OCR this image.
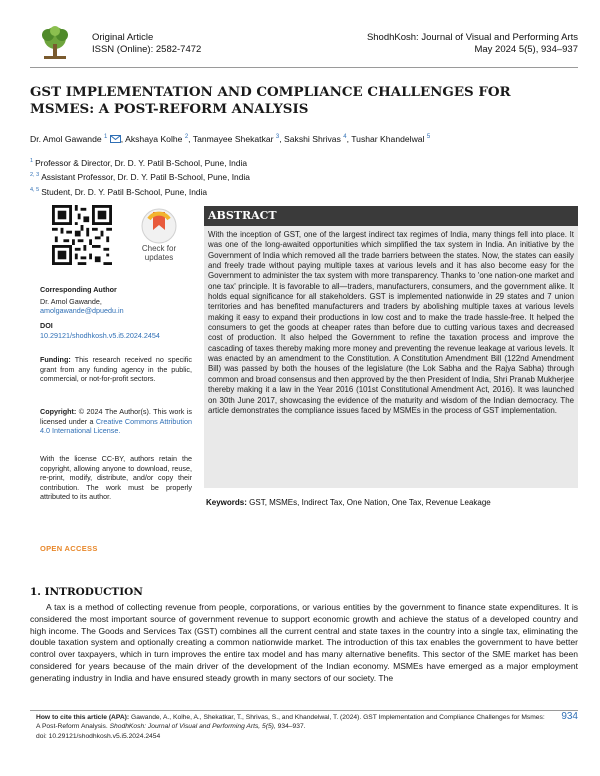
Original Article
ISSN (Online): 2582-7472
ShodhKosh: Journal of Visual and Performing Arts
May 2024 5(5), 934–937
GST IMPLEMENTATION AND COMPLIANCE CHALLENGES FOR MSMES: A POST-REFORM ANALYSIS
Dr. Amol Gawande $^1$ , Akshaya Kolhe $^2$, Tanmayee Shekatkar $^3$, Sakshi Shrivas $^4$, Tushar Khandelwal $^5$
$^1$ Professor & Director, Dr. D. Y. Patil B-School, Pune, India
$^{2, 3}$ Assistant Professor, Dr. D. Y. Patil B-School, Pune, India
$^{4, 5}$ Student, Dr. D. Y. Patil B-School, Pune, India
Check for
updates
Corresponding Author
Dr. Amol Gawande,
amolgawande@dpuedu.in
DOI
10.29121/shodhkosh.v5.i5.2024.2454
Funding: This research received no specific grant from any funding agency in the public, commercial, or not-for-profit sectors.
Copyright: © 2024 The Author(s). This work is licensed under a Creative Commons Attribution 4.0 International License.
With the license CC-BY, authors retain the copyright, allowing anyone to download, reuse, re-print, modify, distribute, and/or copy their contribution. The work must be properly attributed to its author.
OPEN ACCESS
ABSTRACT
With the inception of GST, one of the largest indirect tax regimes of India, many things fell into place. It was one of the long-awaited opportunities which simplified the tax system in India. An initiative by the Government of India which removed all the trade barriers between the states. Now, the states can easily and freely trade without paying multiple taxes at various levels and it has also become easy for the Government to administer the tax system with more transparency. Thanks to 'one nation-one market and one tax' principle. It is favorable to all—traders, manufacturers, consumers, and the government alike. It holds equal significance for all stakeholders. GST is implemented nationwide in 29 states and 7 union territories and has benefited manufacturers and traders by abolishing multiple taxes at various levels making it easy to expand their productions in low cost and to make the trade hassle-free. It helped the consumers to get the goods at cheaper rates than before due to cutting various taxes and decreased cost of production. It also helped the Government to refine the taxation process and improve the cascading of taxes thereby making more money and preventing the revenue leakage at various levels. It was enacted by an amendment to the Constitution. A Constitution Amendment Bill (122nd Amendment Bill) was passed by both the houses of the legislature (the Lok Sabha and the Rajya Sabha) through common and broad consensus and then approved by the then President of India, Shri Pranab Mukherjee thereby making it a law in the Year 2016 (101st Constitutional Amendment Act, 2016). It was launched on 30th June 2017, showcasing the evidence of the maturity and wisdom of the Indian democracy. The article demonstrates the compliance issues faced by MSMEs in the process of GST implementation.
Keywords: GST, MSMEs, Indirect Tax, One Nation, One Tax, Revenue Leakage
1. INTRODUCTION
A tax is a method of collecting revenue from people, corporations, or various entities by the government to finance state expenditures. It is considered the most important source of government revenue to support economic growth and achieve the status of a developed country and high income. The Goods and Services Tax (GST) combines all the current central and state taxes in the country into a single tax, eliminating the double taxation system and optionally creating a common nationwide market. The introduction of this tax enables the government to have better control over taxpayers, which in turn improves the entire tax model and has many alternative benefits. This sector of the SME market has been considered for years because of the main driver of the development of the Indian economy. MSMEs have emerged as a major employment generating industry in India and have ensured steady growth in many sectors of our society. The
How to cite this article (APA): Gawande, A., Kolhe, A., Shekatkar, T., Shrivas, S., and Khandelwal, T. (2024). GST Implementation and Compliance Challenges for Msmes: A Post-Reform Analysis. ShodhKosh: Journal of Visual and Performing Arts, 5(5), 934–937.
doi: 10.29121/shodhkosh.v5.i5.2024.2454
934
